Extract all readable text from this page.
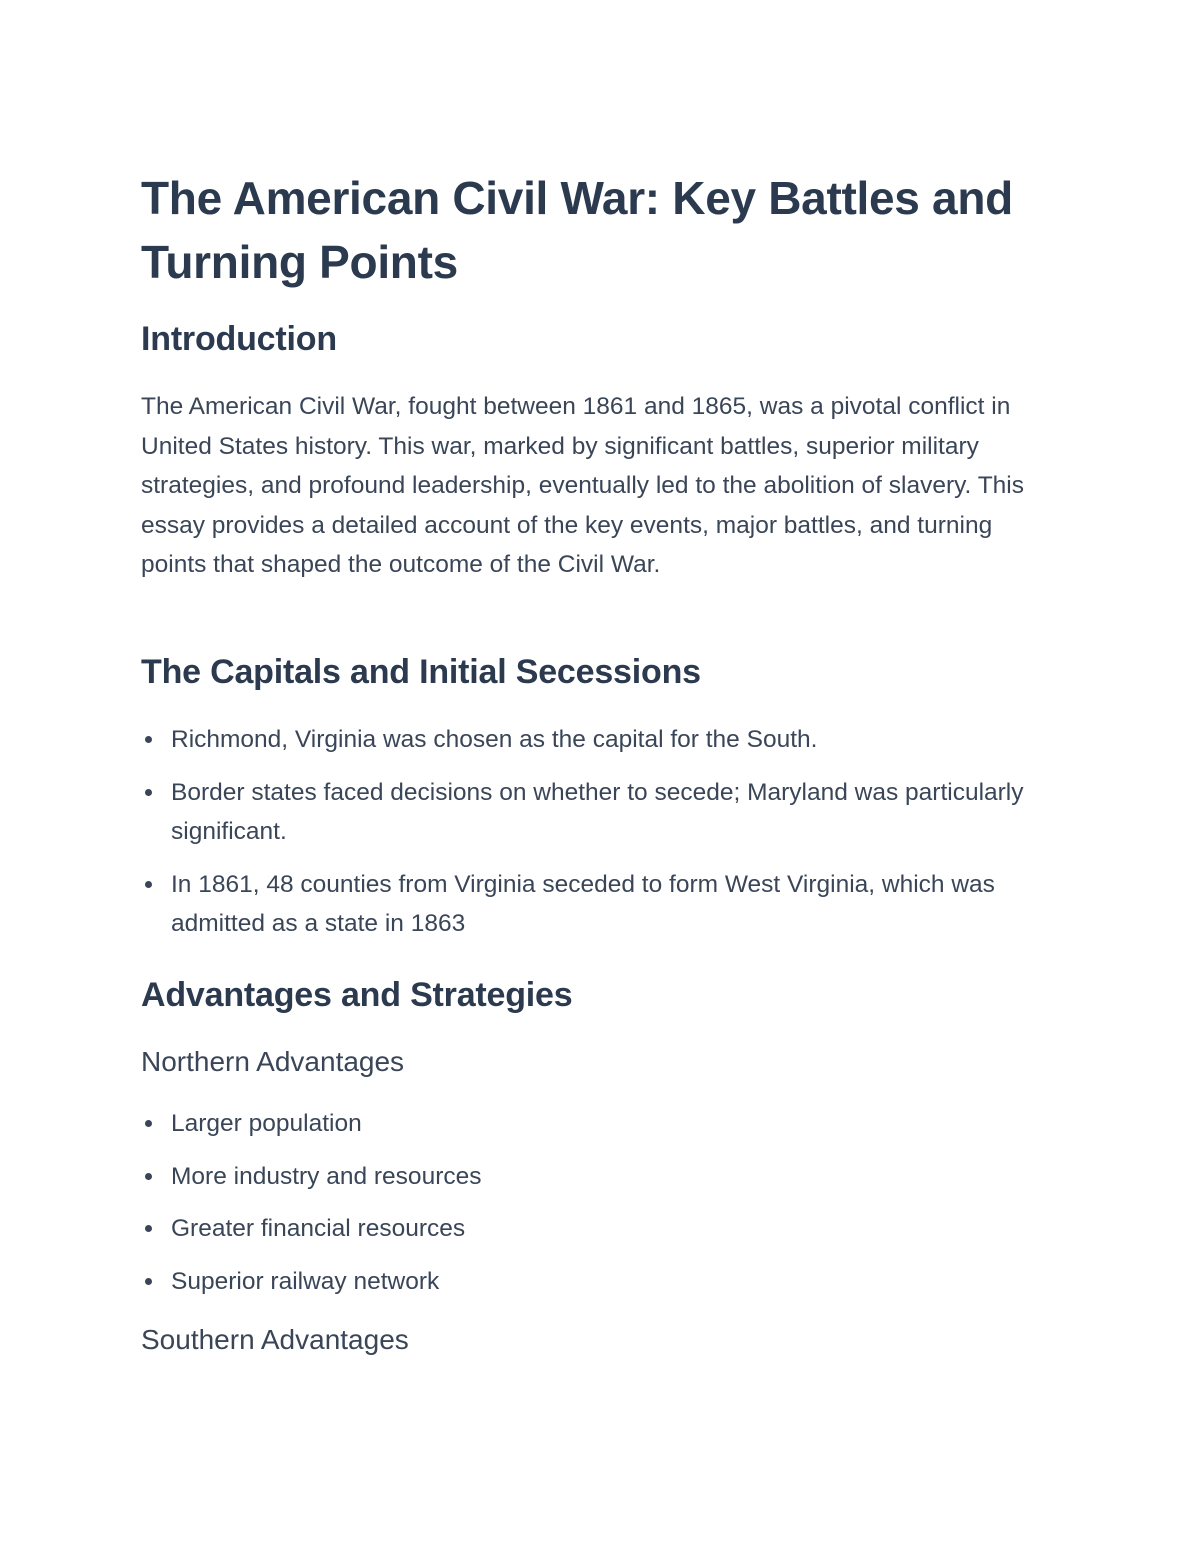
The American Civil War: Key Battles and Turning Points
Introduction

The American Civil War, fought between 1861 and 1865, was a pivotal conflict in United States history. This war, marked by significant battles, superior military strategies, and profound leadership, eventually led to the abolition of slavery. This essay provides a detailed account of the key events, major battles, and turning points that shaped the outcome of the Civil War.

The Capitals and Initial Secessions
Richmond, Virginia was chosen as the capital for the South.
Border states faced decisions on whether to secede; Maryland was particularly significant.
In 1861, 48 counties from Virginia seceded to form West Virginia, which was admitted as a state in 1863
Advantages and Strategies
Northern Advantages
Larger population
More industry and resources
Greater financial resources
Superior railway network
Southern Advantages
